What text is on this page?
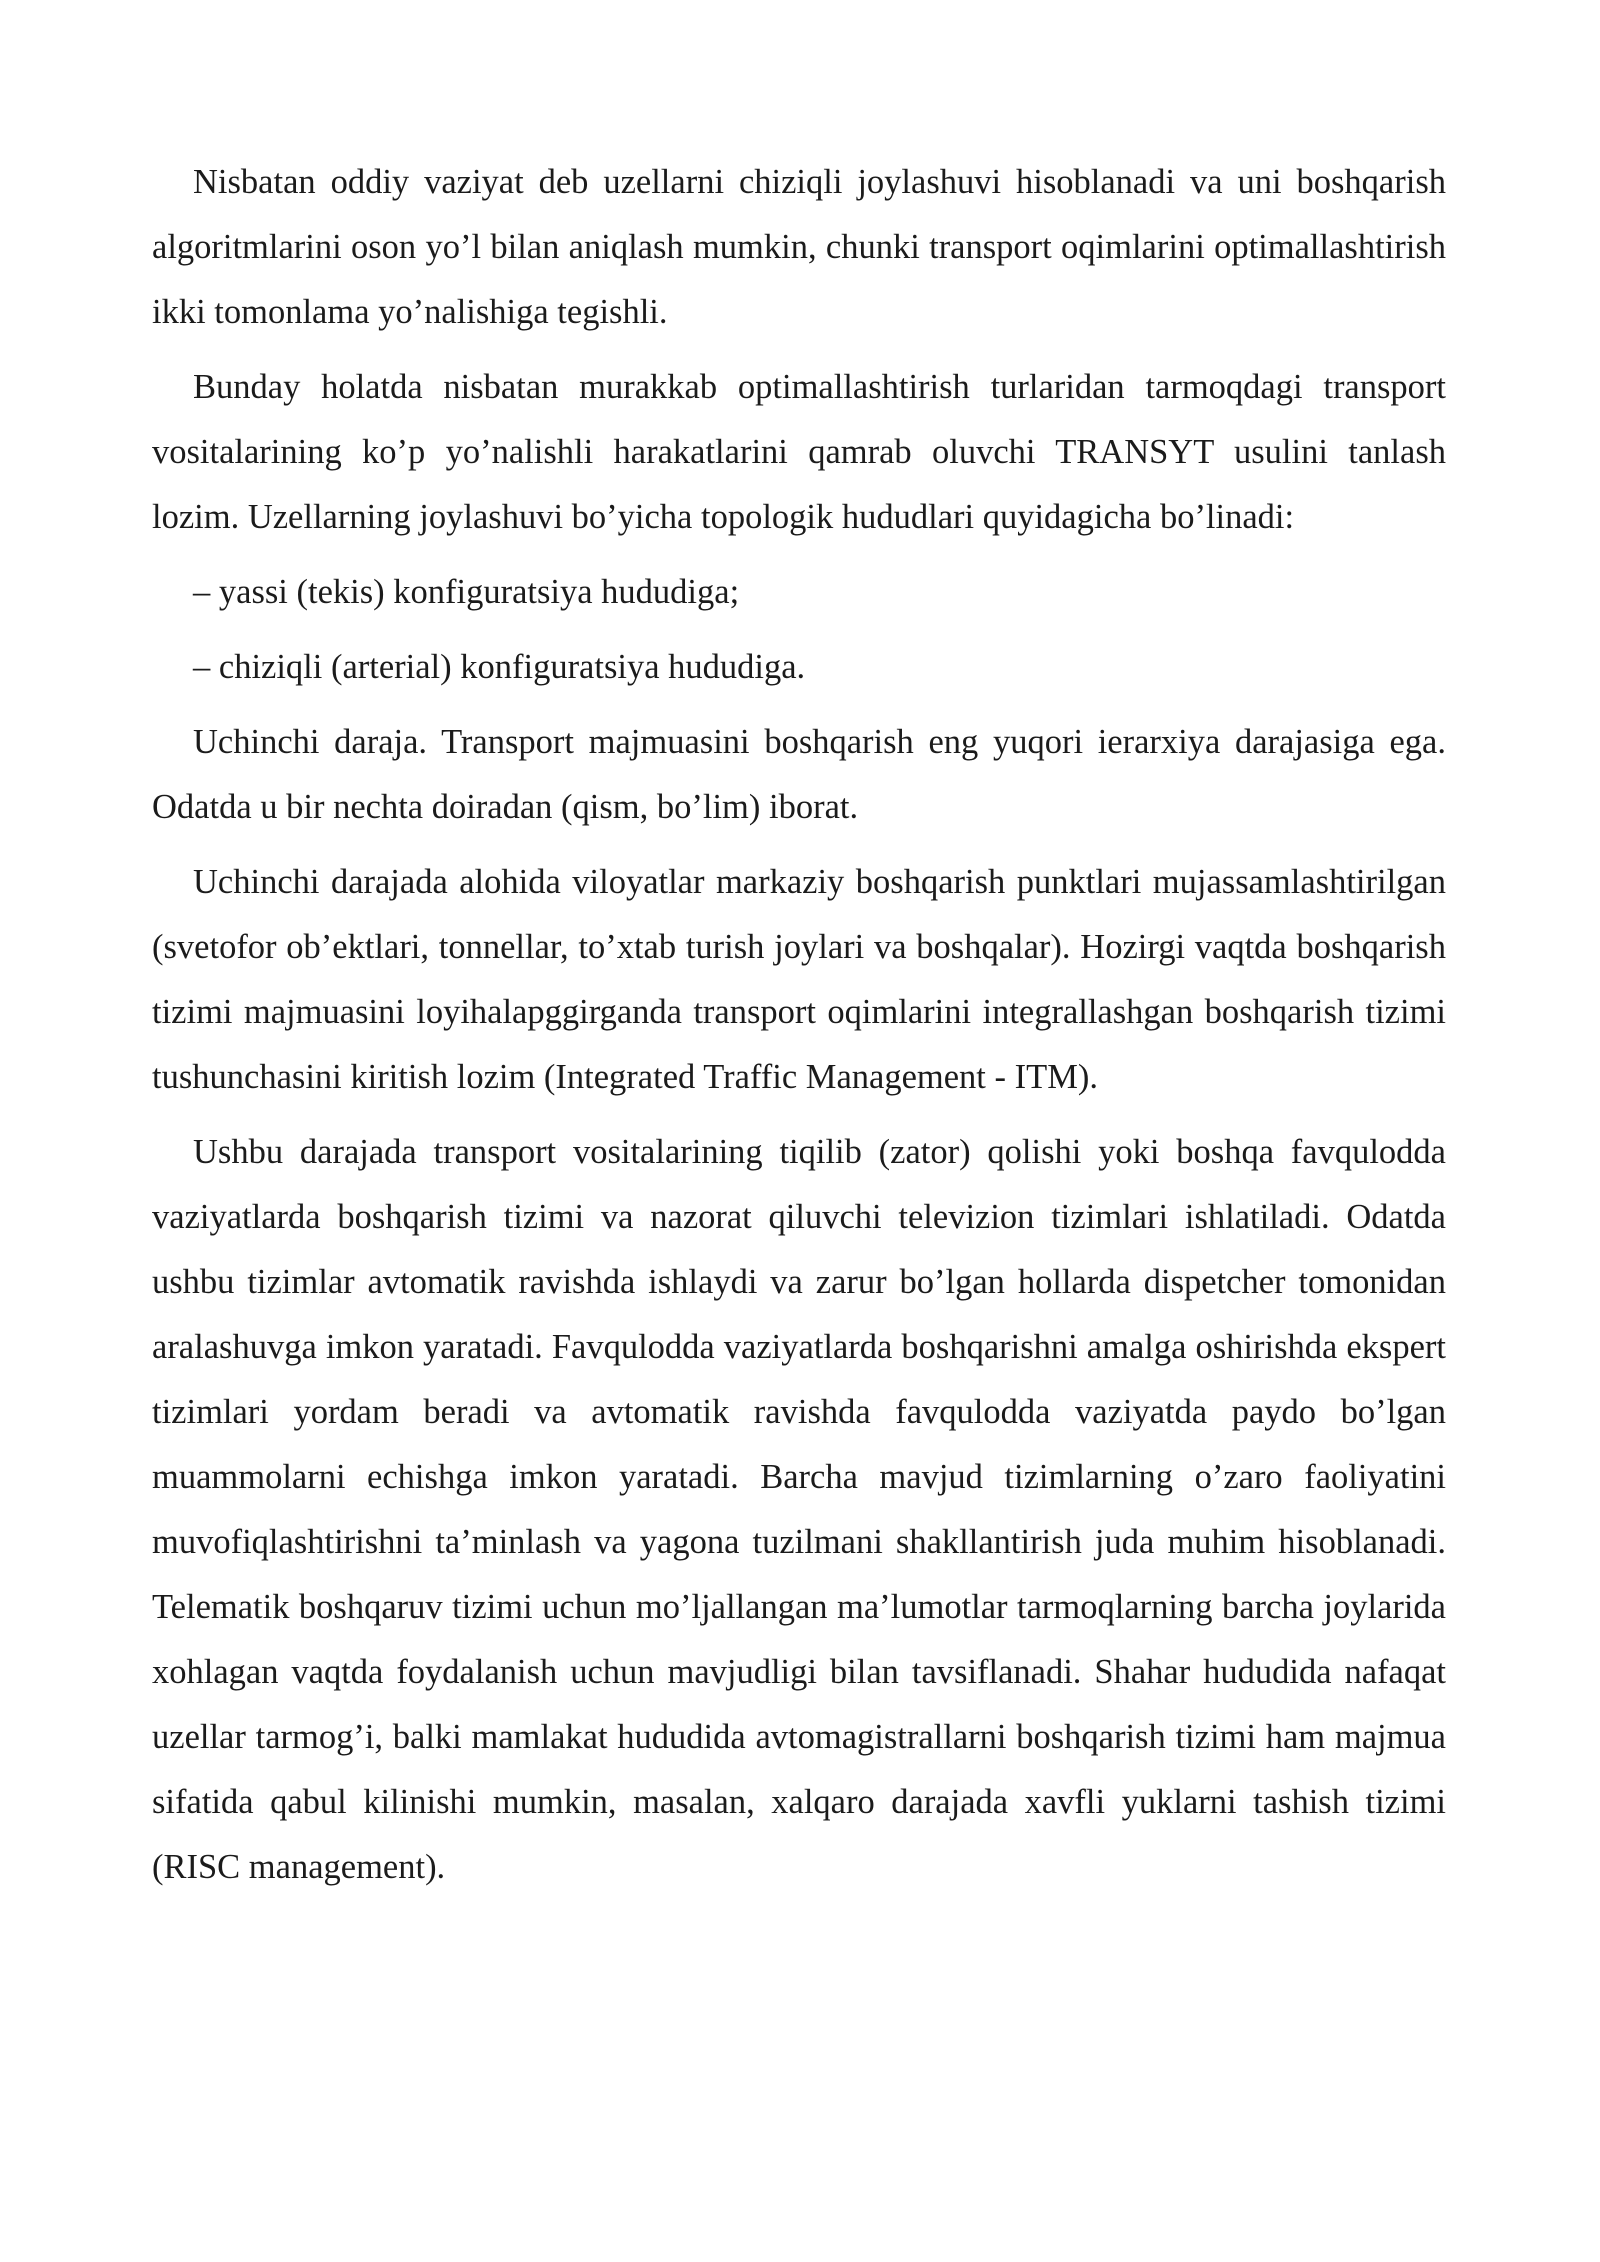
Nisbatan oddiy vaziyat deb uzellarni chiziqli joylashuvi hisoblanadi va uni boshqarish algoritmlarini oson yo’l bilan aniqlash mumkin, chunki transport oqimlarini optimallashtirish ikki tomonlama yo’nalishiga tegishli.

Bunday holatda nisbatan murakkab optimallashtirish turlaridan tarmoqdagi transport vositalarining ko’p yo’nalishli harakatlarini qamrab oluvchi TRANSYT usulini tanlash lozim. Uzellarning joylashuvi bo’yicha topologik hududlari quyidagicha bo’linadi:

– yassi (tekis) konfiguratsiya hududiga;

– chiziqli (arterial) konfiguratsiya hududiga.

Uchinchi daraja. Transport majmuasini boshqarish eng yuqori ierarxiya darajasiga ega. Odatda u bir nechta doiradan (qism, bo’lim) iborat.

Uchinchi darajada alohida viloyatlar markaziy boshqarish punktlari mujassamlashtirilgan (svetofor ob’ektlari, tonnellar, to’xtab turish joylari va boshqalar). Hozirgi vaqtda boshqarish tizimi majmuasini loyihalapggirganda transport oqimlarini integrallashgan boshqarish tizimi tushunchasini kiritish lozim (Integrated Traffic Management - ITM).

Ushbu darajada transport vositalarining tiqilib (zator) qolishi yoki boshqa favqulodda vaziyatlarda boshqarish tizimi va nazorat qiluvchi televizion tizimlari ishlatiladi. Odatda ushbu tizimlar avtomatik ravishda ishlaydi va zarur bo’lgan hollarda dispetcher tomonidan aralashuvga imkon yaratadi. Favqulodda vaziyatlarda boshqarishni amalga oshirishda ekspert tizimlari yordam beradi va avtomatik ravishda favqulodda vaziyatda paydo bo’lgan muammolarni echishga imkon yaratadi. Barcha mavjud tizimlarning o’zaro faoliyatini muvofiqlashtirishni ta’minlash va yagona tuzilmani shakllantirish juda muhim hisoblanadi. Telematik boshqaruv tizimi uchun mo’ljallangan ma’lumotlar tarmoqlarning barcha joylarida xohlagan vaqtda foydalanish uchun mavjudligi bilan tavsiflanadi. Shahar hududida nafaqat uzellar tarmog’i, balki mamlakat hududida avtomagistrallarni boshqarish tizimi ham majmua sifatida qabul kilinishi mumkin, masalan, xalqaro darajada xavfli yuklarni tashish tizimi (RISC management).
